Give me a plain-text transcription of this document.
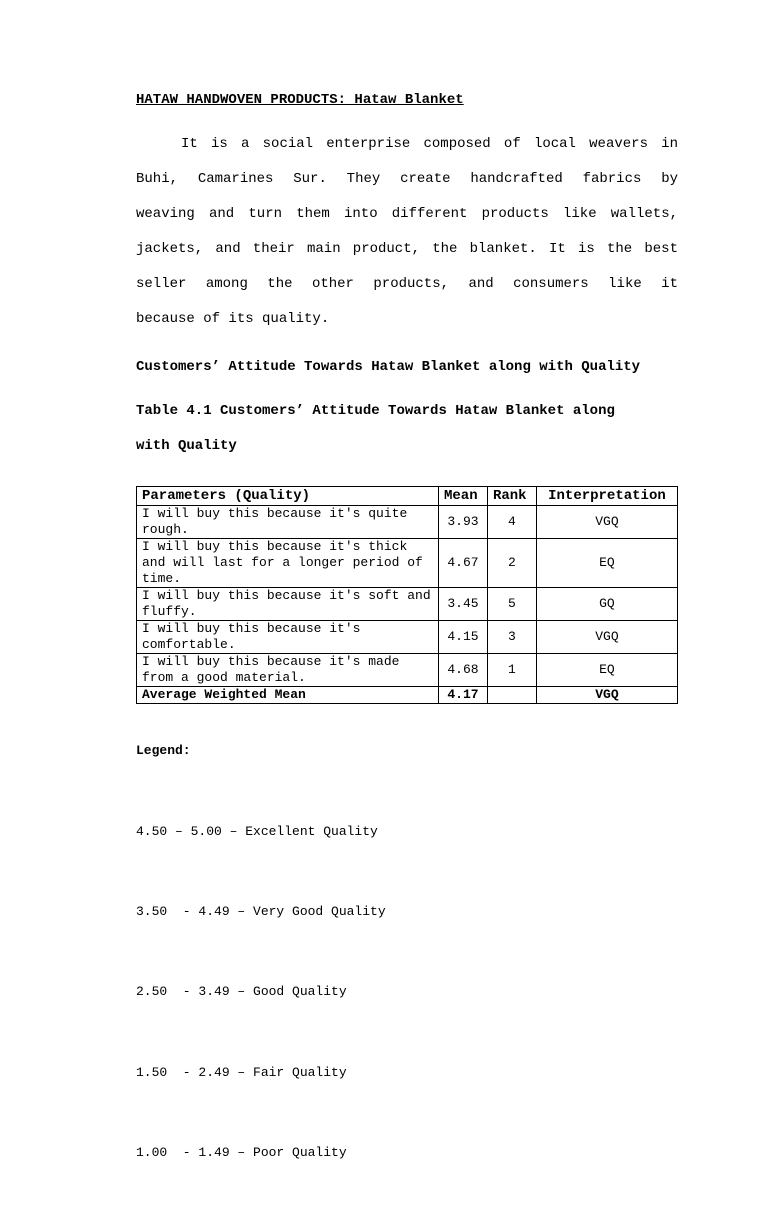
HATAW HANDWOVEN PRODUCTS: Hataw Blanket
It is a social enterprise composed of local weavers in
Buhi, Camarines Sur. They create handcrafted fabrics by
weaving and turn them into different products like wallets,
jackets, and their main product, the blanket. It is the best
seller among the other products, and consumers like it
because of its quality.
Customers’ Attitude Towards Hataw Blanket along with Quality
Table 4.1 Customers’ Attitude Towards Hataw Blanket along
with Quality
Parameters (Quality)	Mean	Rank	Interpretation
I will buy this because it's quite rough.	3.93	4	VGQ
I will buy this because it's thick and will last for a longer period of time.	4.67	2	EQ
I will buy this because it's soft and fluffy.	3.45	5	GQ
I will buy this because it's comfortable.	4.15	3	VGQ
I will buy this because it's made from a good material.	4.68	1	EQ
Average Weighted Mean	4.17		VGQ
Legend:

4.50 – 5.00 – Excellent Quality

3.50  - 4.49 – Very Good Quality

2.50  - 3.49 – Good Quality

1.50  - 2.49 – Fair Quality

1.00  - 1.49 – Poor Quality
